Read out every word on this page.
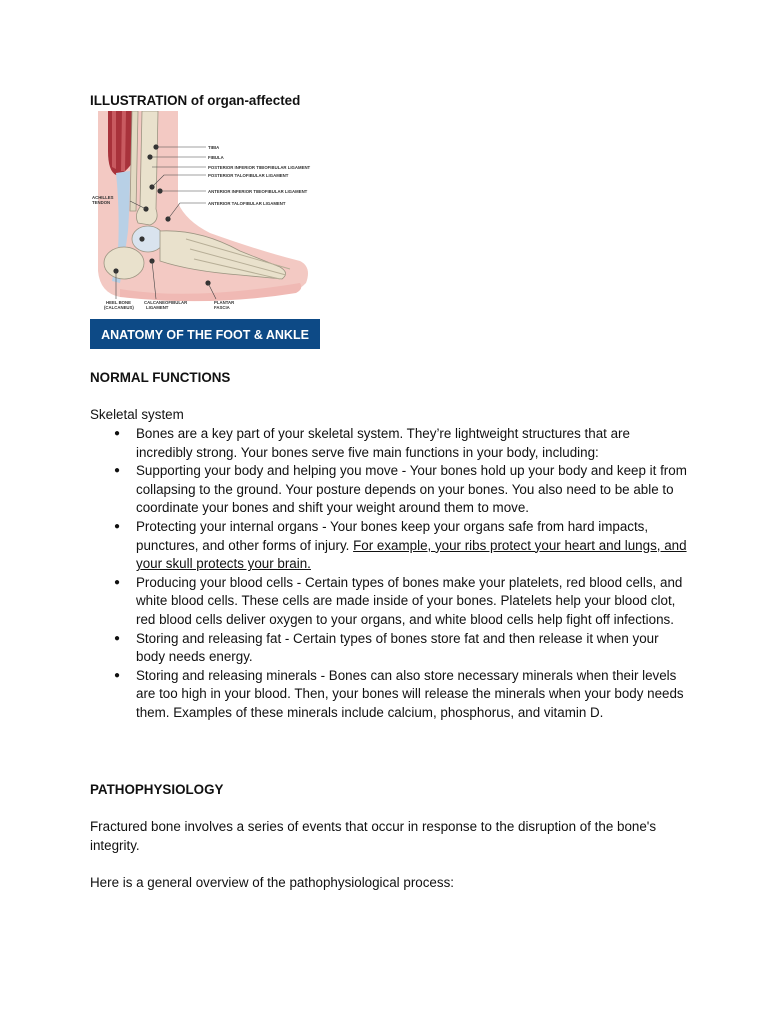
ILLUSTRATION of organ-affected
TIBIA
FIBULA
POSTERIOR INFERIOR TIBIOFIBULAR LIGAMENT
POSTERIOR TALOFIBULAR LIGAMENT
ANTERIOR INFERIOR TIBIOFIBULAR LIGAMENT
ANTERIOR TALOFIBULAR LIGAMENT
ACHILLES
TENDON
HEEL BONE
(CALCANEUS)
CALCANEOFIBULAR
LIGAMENT
PLANTAR
FASCIA
ANATOMY OF THE FOOT & ANKLE
NORMAL FUNCTIONS
Skeletal system
● Bones are a key part of your skeletal system. They’re lightweight structures that are incredibly strong. Your bones serve five main functions in your body, including:
● Supporting your body and helping you move - Your bones hold up your body and keep it from collapsing to the ground. Your posture depends on your bones. You also need to be able to coordinate your bones and shift your weight around them to move.
● Protecting your internal organs - Your bones keep your organs safe from hard impacts, punctures, and other forms of injury. For example, your ribs protect your heart and lungs, and your skull protects your brain.
● Producing your blood cells - Certain types of bones make your platelets, red blood cells, and white blood cells. These cells are made inside of your bones. Platelets help your blood clot, red blood cells deliver oxygen to your organs, and white blood cells help fight off infections.
● Storing and releasing fat - Certain types of bones store fat and then release it when your body needs energy.
● Storing and releasing minerals - Bones can also store necessary minerals when their levels are too high in your blood. Then, your bones will release the minerals when your body needs them. Examples of these minerals include calcium, phosphorus, and vitamin D.
PATHOPHYSIOLOGY
Fractured bone involves a series of events that occur in response to the disruption of the bone's integrity.
Here is a general overview of the pathophysiological process:
